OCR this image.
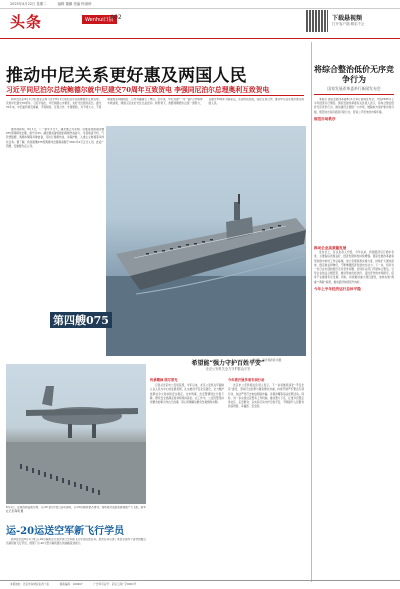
2025年4月22日 星期二	编辑 董鹏 美编 钟淑珍
头条	Wenhui日报
A02	下载悬视频
打开客户端 精彩不止
推动中尼关系更好惠及两国人民
习近平同尼泊尔总统鲍德尔就中尼建交70周年互致贺电 李强同尼泊尔总理奥利互致贺电
新华社北京8月1日电 国家主席习近平8月1日同尼泊尔总统鲍德尔互致贺电，庆祝中尼建交70周年。习近平指出，中尼两国山水相连，友好交往源远流长。建交70年来，中尼始终相互尊重、平等相待、互利合作、守望相助，为不同大小、不同制度国家和睦相处、合作共赢树立了典范。近年来，中尼共建“一带一路”合作取得丰硕成果，两国人民友好交往日益密切。新形势下，我愿同鲍德尔总统一道努力，以建交70周年为新起点，弘扬传统友谊，深化互利合作，推动中尼关系更好惠及两国人民。
据央视新闻，8月1日，八一建军节当天，湖北舰正式亮相。该舰是我国第四艘075型两栖攻击舰，舷号为33。湖北舰具备较强的两栖作战能力，可搭载直升机、气垫登陆艇、两栖车辆等多种装备，可执行两栖作战、远海护航、人道主义救援等多样化任务。据了解，我国首艘075型两栖攻击舰海南舰于2021年4月正式入列，此后广西舰、安徽舰先后入列。
第四艘075
湖北舰亮相
湖北舰。海洋局新闻 供图
8月1日，在陕西阎良航空城，运-20飞机开放日活动现场，运-20运输机整齐排列，现场观众近距离参观国产大飞机。新华社记者 陶明 摄
运-20运送空军新飞行学员
新华社西安8月1日电 运-20运输机近日首次执行空军新飞行学员投送任务。此次任务运送了来自全国多个省份的数百名新招收飞行学员，展现了运-20大型运输机强大的战略投送能力。
希望能“强力守护百姓平安”
北京公安机关全力守护群众平安
传承精神 续写荣光
记者从北京市公安局获悉，今年以来，北京公安机关牢固树立以人民为中心的发展思想，扎实推进平安北京建设，全力维护首都社会大局持续安全稳定。全市刑事、治安警情同比分别下降，群众安全感满意度持续保持高位。在工作中，公安民警坚持把群众的事当作自己的事，用心用情解决群众急难愁盼问题。
今年将开展多项专项行动
北京市公安局相关负责人表示，下一步将继续深化“平安北京”建设，坚持打击犯罪与服务群众并重，持续开展严打整治专项行动，依法严厉打击电信网络诈骗、涉黄涉赌等违法犯罪活动。同时，进一步完善社区警务工作机制，推动警力下沉，让更多民警走进社区、走近群众，以实际行动守护百姓平安，不断提升人民群众的获得感、幸福感、安全感。
将综合整治低价无序竞争行为
国家发展改革委举行新闻发布会
本报讯 国家发展改革委8月1日举行新闻发布会，介绍2025年上半年经济运行情况。国家发展改革委有关负责人表示，将综合整治低价无序竞争行为，推动建设全国统一大市场，破除地方保护和市场分割，规范地方政府招商引资行为，营造公平竞争的市场环境。
规范市场秩序
推动企业高质量发展
发布会上，有关负责人介绍，今年以来，我国经济运行稳中有进，主要指标表现良好，经济发展韧性持续增强。国家发展改革委将坚持稳中求进工作总基调，加大宏观政策实施力度，持续扩大国内需求，稳定就业和物价，不断增强经济发展内生动力。下一步，将针对一些行业出现的低价无序竞争问题，会同有关部门开展综合整治，引导企业依法合规经营，推动形成优质优价、良性竞争的市场秩序，促进产业健康有序发展。同时，持续推进重大项目建设，加快实施“两重”“两新”政策，推动经济持续回升向好。
今年上半年经济运行总体平稳
本报地址：北京市东城区东四十条	邮政编码：100007	广告许可证号：京东工商广字0001号
